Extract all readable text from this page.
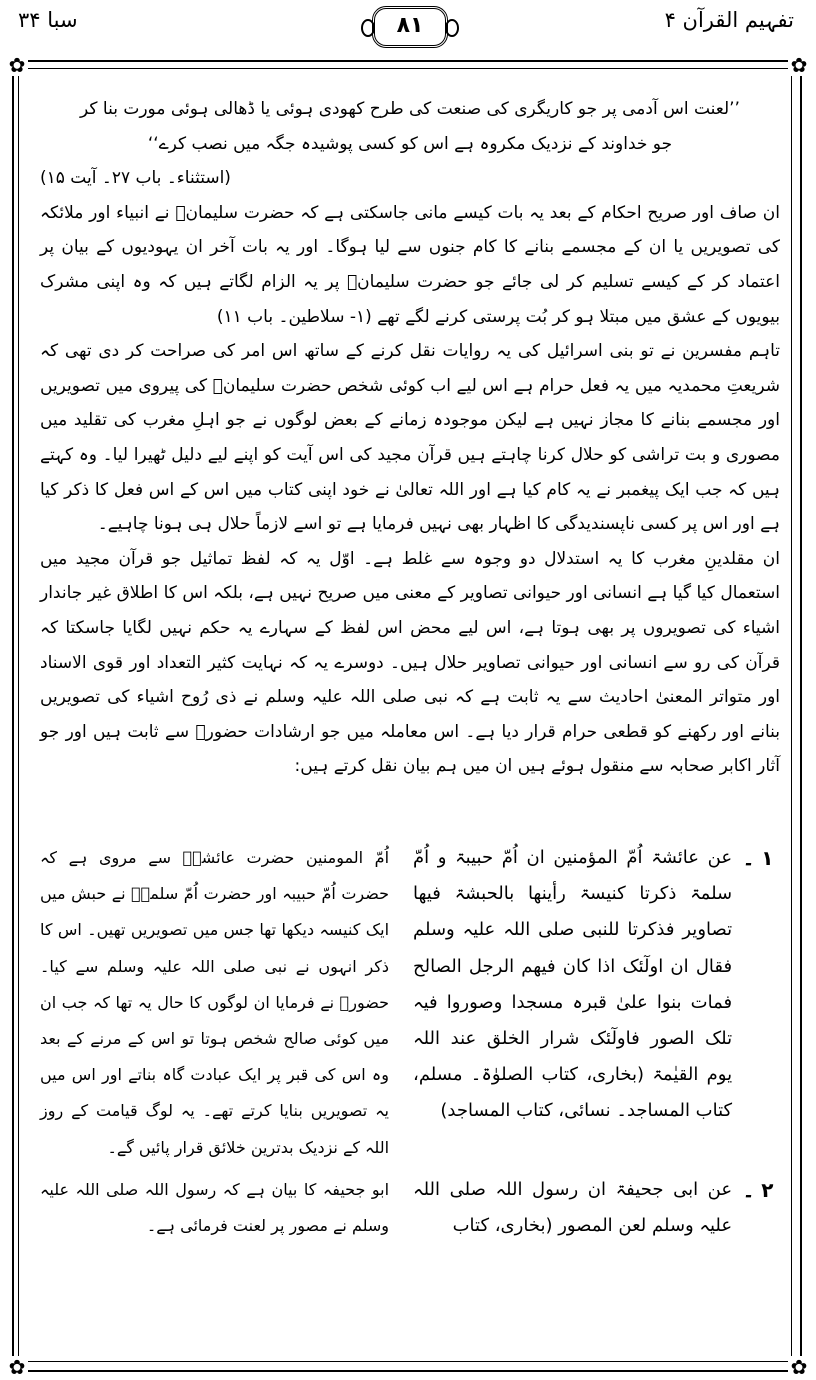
تفہیم القرآن ۴
۸۱
سبا ۳۴
✿	✿
✿	✿

’’لعنت اس آدمی پر جو کاریگری کی صنعت کی طرح کھودی ہوئی یا ڈھالی ہوئی مورت بنا کر جو خداوند کے نزدیک مکروہ ہے اس کو کسی پوشیدہ جگہ میں نصب کرے‘‘

(استثناء۔ باب ۲۷۔ آیت ۱۵)

ان صاف اور صریح احکام کے بعد یہ بات کیسے مانی جاسکتی ہے کہ حضرت سلیمانؑ نے انبیاء اور ملائکہ کی تصویریں یا ان کے مجسمے بنانے کا کام جنوں سے لیا ہوگا۔ اور یہ بات آخر ان یہودیوں کے بیان پر اعتماد کر کے کیسے تسلیم کر لی جائے جو حضرت سلیمانؑ پر یہ الزام لگاتے ہیں کہ وہ اپنی مشرک بیویوں کے عشق میں مبتلا ہو کر بُت پرستی کرنے لگے تھے (۱- سلاطین۔ باب ۱۱)

تاہم مفسرین نے تو بنی اسرائیل کی یہ روایات نقل کرنے کے ساتھ اس امر کی صراحت کر دی تھی کہ شریعتِ محمدیہ میں یہ فعل حرام ہے اس لیے اب کوئی شخص حضرت سلیمانؑ کی پیروی میں تصویریں اور مجسمے بنانے کا مجاز نہیں ہے لیکن موجودہ زمانے کے بعض لوگوں نے جو اہلِ مغرب کی تقلید میں مصوری و بت تراشی کو حلال کرنا چاہتے ہیں قرآن مجید کی اس آیت کو اپنے لیے دلیل ٹھیرا لیا۔ وہ کہتے ہیں کہ جب ایک پیغمبر نے یہ کام کیا ہے اور اللہ تعالیٰ نے خود اپنی کتاب میں اس کے اس فعل کا ذکر کیا ہے اور اس پر کسی ناپسندیدگی کا اظہار بھی نہیں فرمایا ہے تو اسے لازماً حلال ہی ہونا چاہیے۔

ان مقلدینِ مغرب کا یہ استدلال دو وجوہ سے غلط ہے۔ اوّل یہ کہ لفظ تماثیل جو قرآن مجید میں استعمال کیا گیا ہے انسانی اور حیوانی تصاویر کے معنی میں صریح نہیں ہے، بلکہ اس کا اطلاق غیر جاندار اشیاء کی تصویروں پر بھی ہوتا ہے، اس لیے محض اس لفظ کے سہارے یہ حکم نہیں لگایا جاسکتا کہ قرآن کی رو سے انسانی اور حیوانی تصاویر حلال ہیں۔ دوسرے یہ کہ نہایت کثیر التعداد اور قوی الاسناد اور متواتر المعنیٰ احادیث سے یہ ثابت ہے کہ نبی صلی اللہ علیہ وسلم نے ذی رُوح اشیاء کی تصویریں بنانے اور رکھنے کو قطعی حرام قرار دیا ہے۔ اس معاملہ میں جو ارشادات حضورؐ سے ثابت ہیں اور جو آثار اکابر صحابہ سے منقول ہوئے ہیں ان میں ہم بیان نقل کرتے ہیں:

۱ ۔
عن عائشۃ اُمّ المؤمنین ان اُمّ حبیبۃ و اُمّ سلمۃ ذکرتا کنیسۃ رأینھا بالحبشۃ فیھا تصاویر فذکرتا للنبی صلی اللہ علیہ وسلم فقال ان اولٓئک اذا کان فیھم الرجل الصالح فمات بنوا علیٰ قبرہ مسجدا وصوروا فیہ تلک الصور فاولٓئک شرار الخلق عند اللہ یوم القیٰمۃ (بخاری، کتاب الصلوٰۃ۔ مسلم، کتاب المساجد۔ نسائی، کتاب المساجد)
اُمّ المومنین حضرت عائشہؓ سے مروی ہے کہ حضرت اُمّ حبیبہ اور حضرت اُمّ سلمہؓ نے حبش میں ایک کنیسہ دیکھا تھا جس میں تصویریں تھیں۔ اس کا ذکر انہوں نے نبی صلی اللہ علیہ وسلم سے کیا۔ حضورؐ نے فرمایا ان لوگوں کا حال یہ تھا کہ جب ان میں کوئی صالح شخص ہوتا تو اس کے مرنے کے بعد وہ اس کی قبر پر ایک عبادت گاہ بناتے اور اس میں یہ تصویریں بنایا کرتے تھے۔ یہ لوگ قیامت کے روز اللہ کے نزدیک بدترین خلائق قرار پائیں گے۔
۲ ۔
عن ابی جحیفۃ ان رسول اللہ صلی اللہ علیہ وسلم لعن المصور (بخاری، کتاب
ابو جحیفہ کا بیان ہے کہ رسول اللہ صلی اللہ علیہ وسلم نے مصور پر لعنت فرمائی ہے۔
